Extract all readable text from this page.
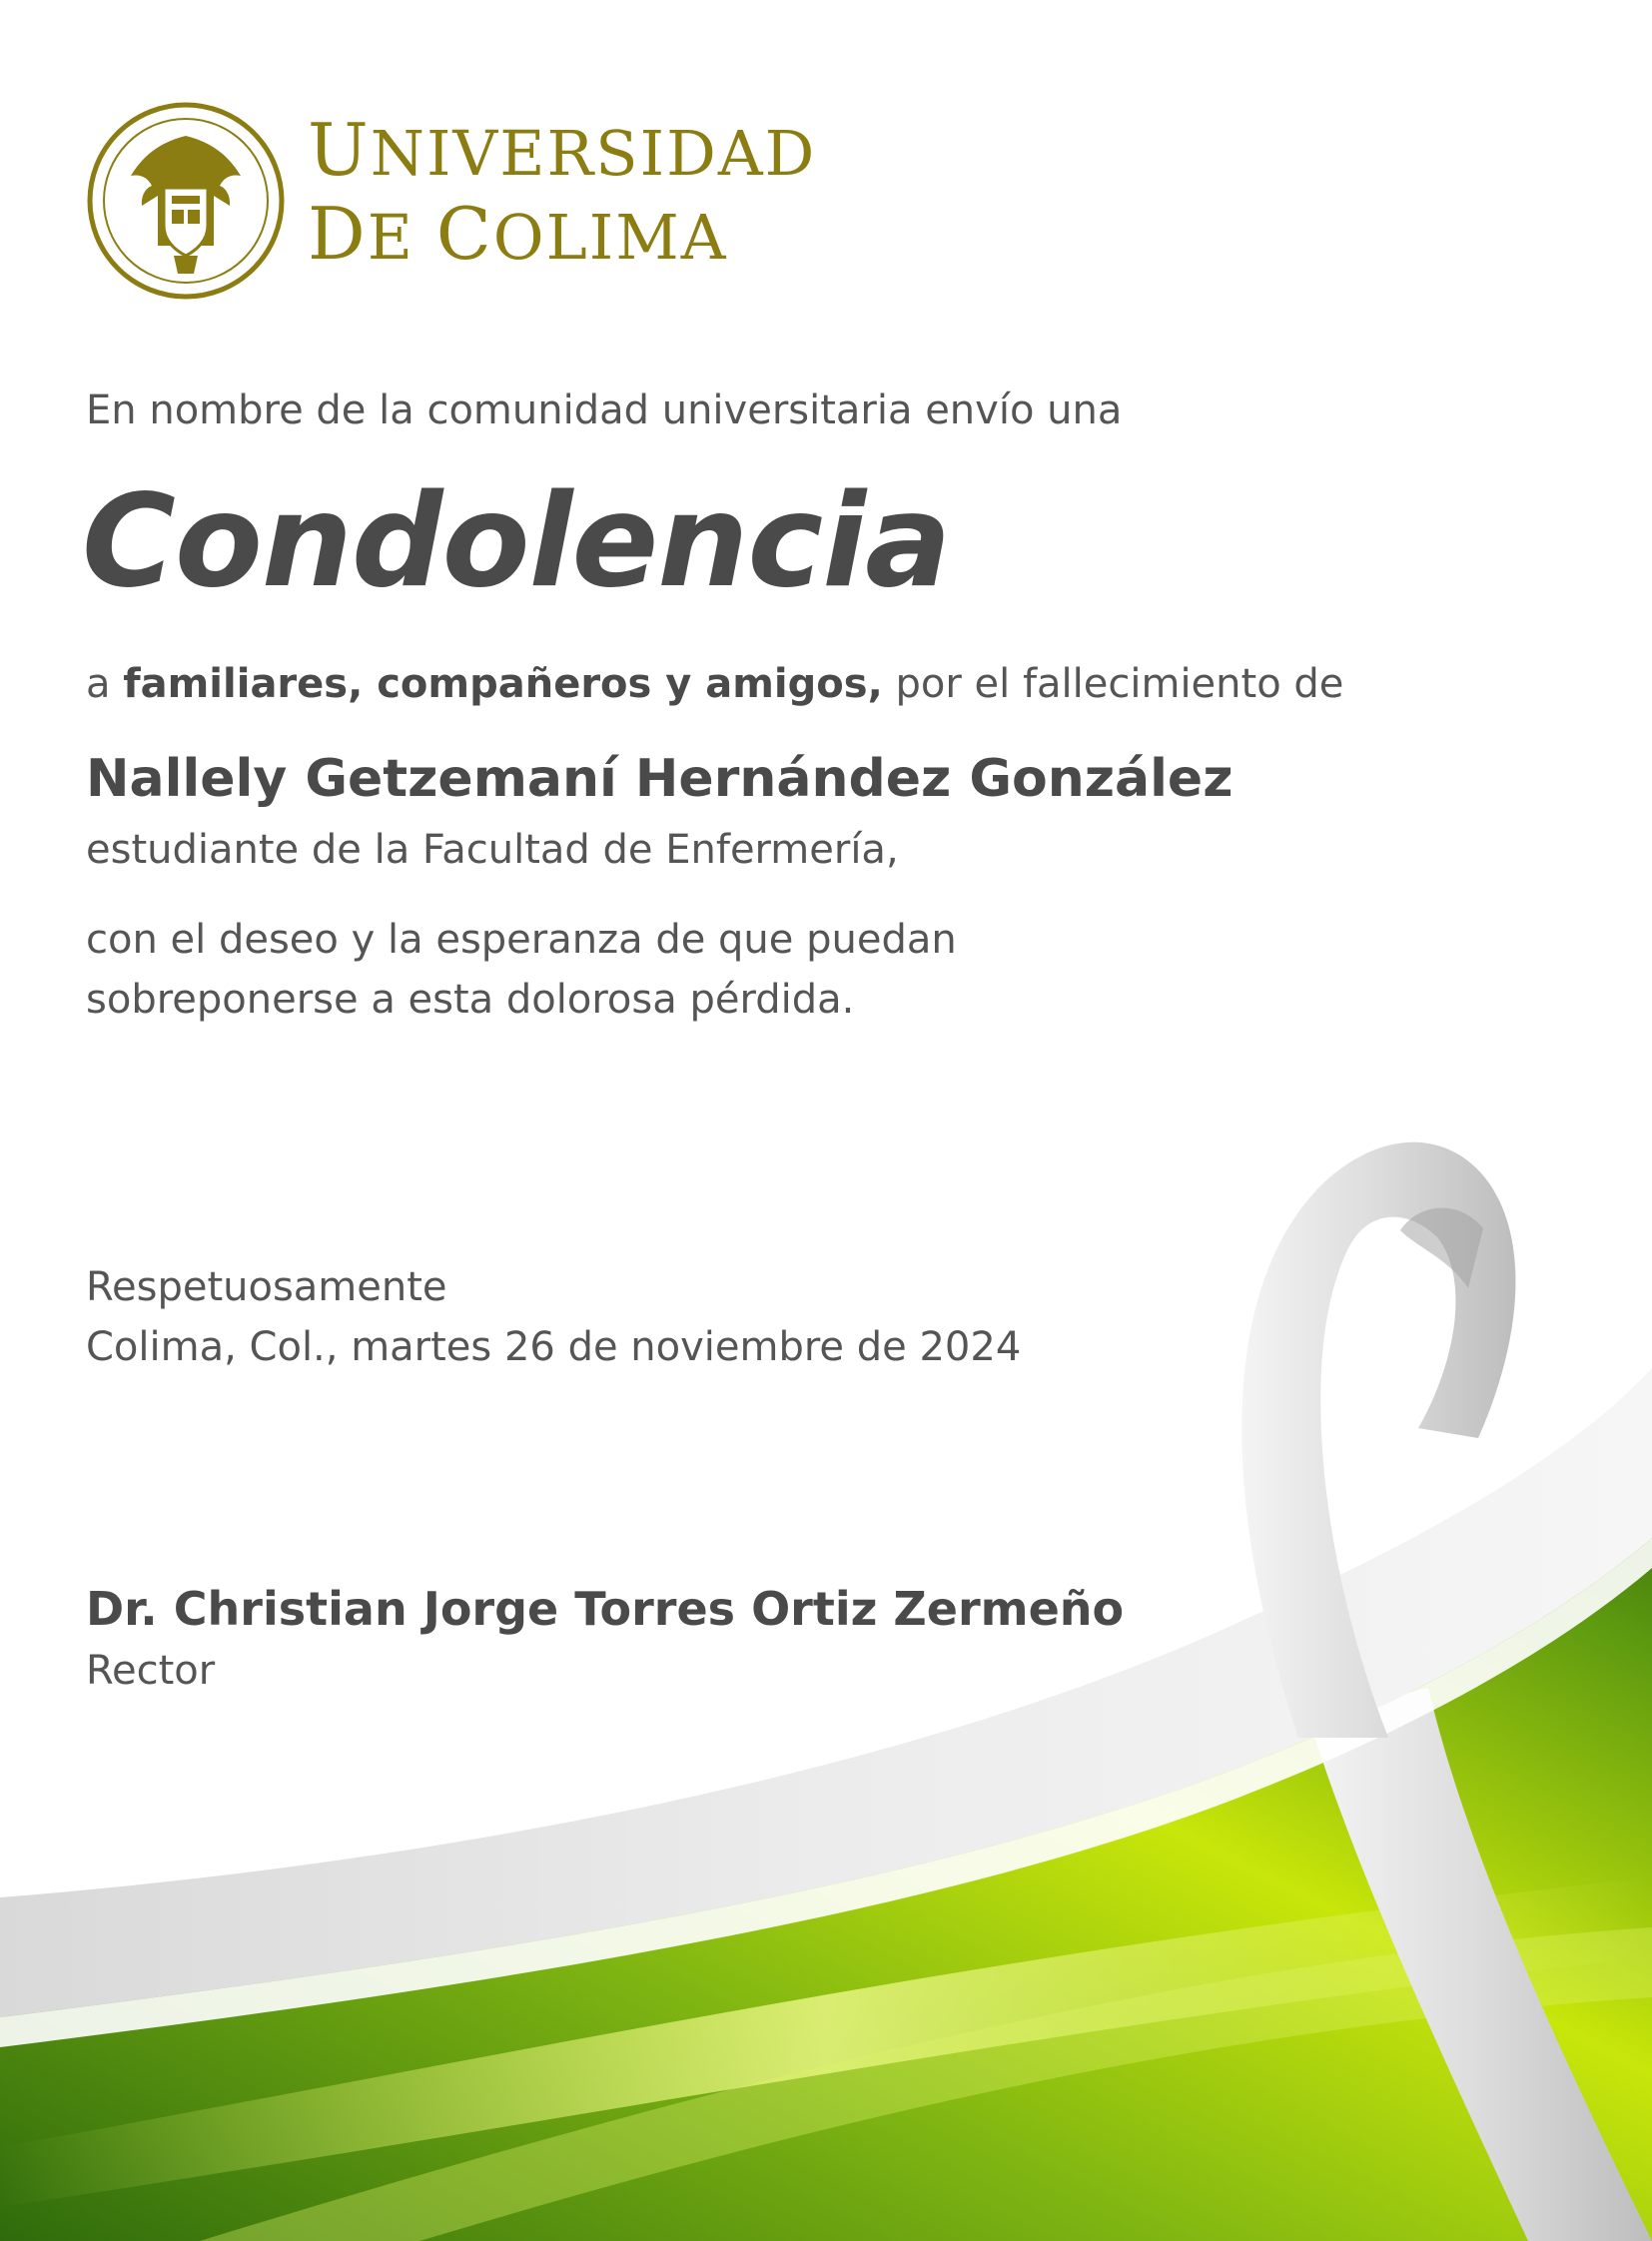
UNIVERSIDAD
DE COLIMA
En nombre de la comunidad universitaria envío una
Condolencia
a familiares, compañeros y amigos, por el fallecimiento de
Nallely Getzemaní Hernández González
estudiante de la Facultad de Enfermería,
con el deseo y la esperanza de que puedan
sobreponerse a esta dolorosa pérdida.
Respetuosamente
Colima, Col., martes 26 de noviembre de 2024
Dr. Christian Jorge Torres Ortiz Zermeño
Rector
